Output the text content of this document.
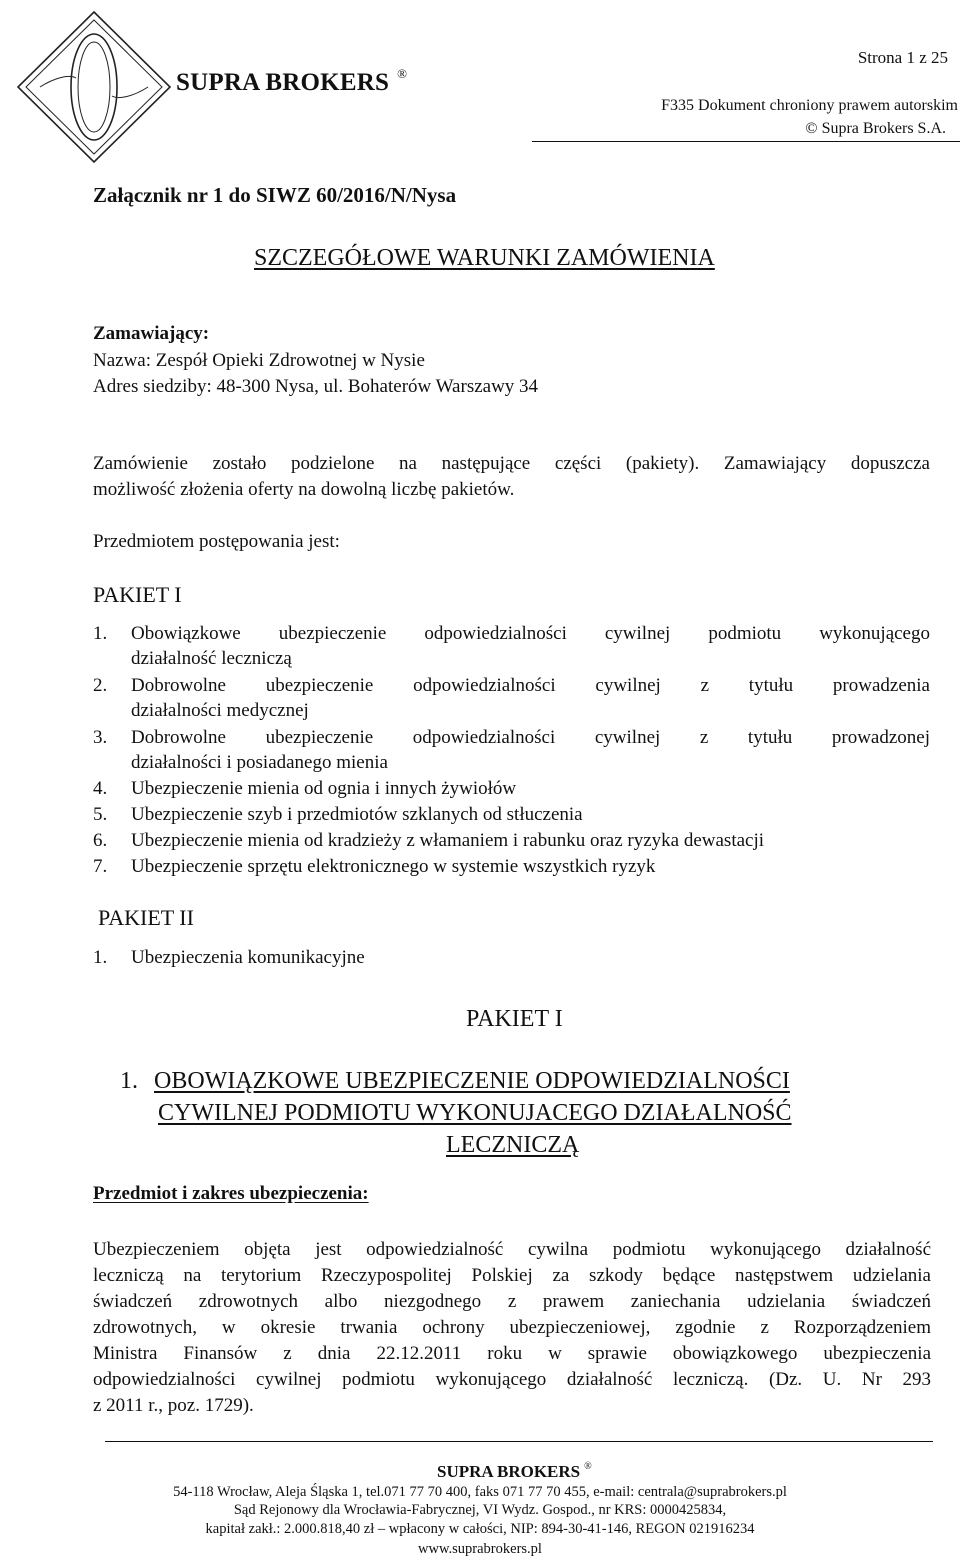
SUPRA BROKERS ®
Strona 1 z 25
F335 Dokument chroniony prawem autorskim
© Supra Brokers S.A.
Załącznik nr 1 do SIWZ 60/2016/N/Nysa
SZCZEGÓŁOWE WARUNKI ZAMÓWIENIA
Zamawiający:
Nazwa: Zespół Opieki Zdrowotnej w Nysie
Adres siedziby: 48-300 Nysa, ul. Bohaterów Warszawy 34
Zamówienie zostało podzielone na następujące części (pakiety). Zamawiający dopuszcza
możliwość złożenia oferty na dowolną liczbę pakietów.
Przedmiotem postępowania jest:
PAKIET I
1. Obowiązkowe ubezpieczenie odpowiedzialności cywilnej podmiotu wykonującego
działalność leczniczą
2. Dobrowolne ubezpieczenie odpowiedzialności cywilnej z tytułu prowadzenia
działalności medycznej
3. Dobrowolne ubezpieczenie odpowiedzialności cywilnej z tytułu prowadzonej
działalności i posiadanego mienia
4. Ubezpieczenie mienia od ognia i innych żywiołów
5. Ubezpieczenie szyb i przedmiotów szklanych od stłuczenia
6. Ubezpieczenie mienia od kradzieży z włamaniem i rabunku oraz ryzyka dewastacji
7. Ubezpieczenie sprzętu elektronicznego w systemie wszystkich ryzyk
PAKIET II
1. Ubezpieczenia komunikacyjne
PAKIET I
1. OBOWIĄZKOWE UBEZPIECZENIE ODPOWIEDZIALNOŚCI
CYWILNEJ PODMIOTU WYKONUJACEGO DZIAŁALNOŚĆ
LECZNICZĄ
Przedmiot i zakres ubezpieczenia:
Ubezpieczeniem objęta jest odpowiedzialność cywilna podmiotu wykonującego działalność
leczniczą na terytorium Rzeczypospolitej Polskiej za szkody będące następstwem udzielania
świadczeń zdrowotnych albo niezgodnego z prawem zaniechania udzielania świadczeń
zdrowotnych, w okresie trwania ochrony ubezpieczeniowej, zgodnie z Rozporządzeniem
Ministra Finansów z dnia 22.12.2011 roku w sprawie obowiązkowego ubezpieczenia
odpowiedzialności cywilnej podmiotu wykonującego działalność leczniczą. (Dz. U. Nr 293
z 2011 r., poz. 1729).
SUPRA BROKERS ®
54-118 Wrocław, Aleja Śląska 1, tel.071 77 70 400, faks 071 77 70 455, e-mail: centrala@suprabrokers.pl
Sąd Rejonowy dla Wrocławia-Fabrycznej, VI Wydz. Gospod., nr KRS: 0000425834,
kapitał zakł.: 2.000.818,40 zł – wpłacony w całości, NIP: 894-30-41-146, REGON 021916234
www.suprabrokers.pl
